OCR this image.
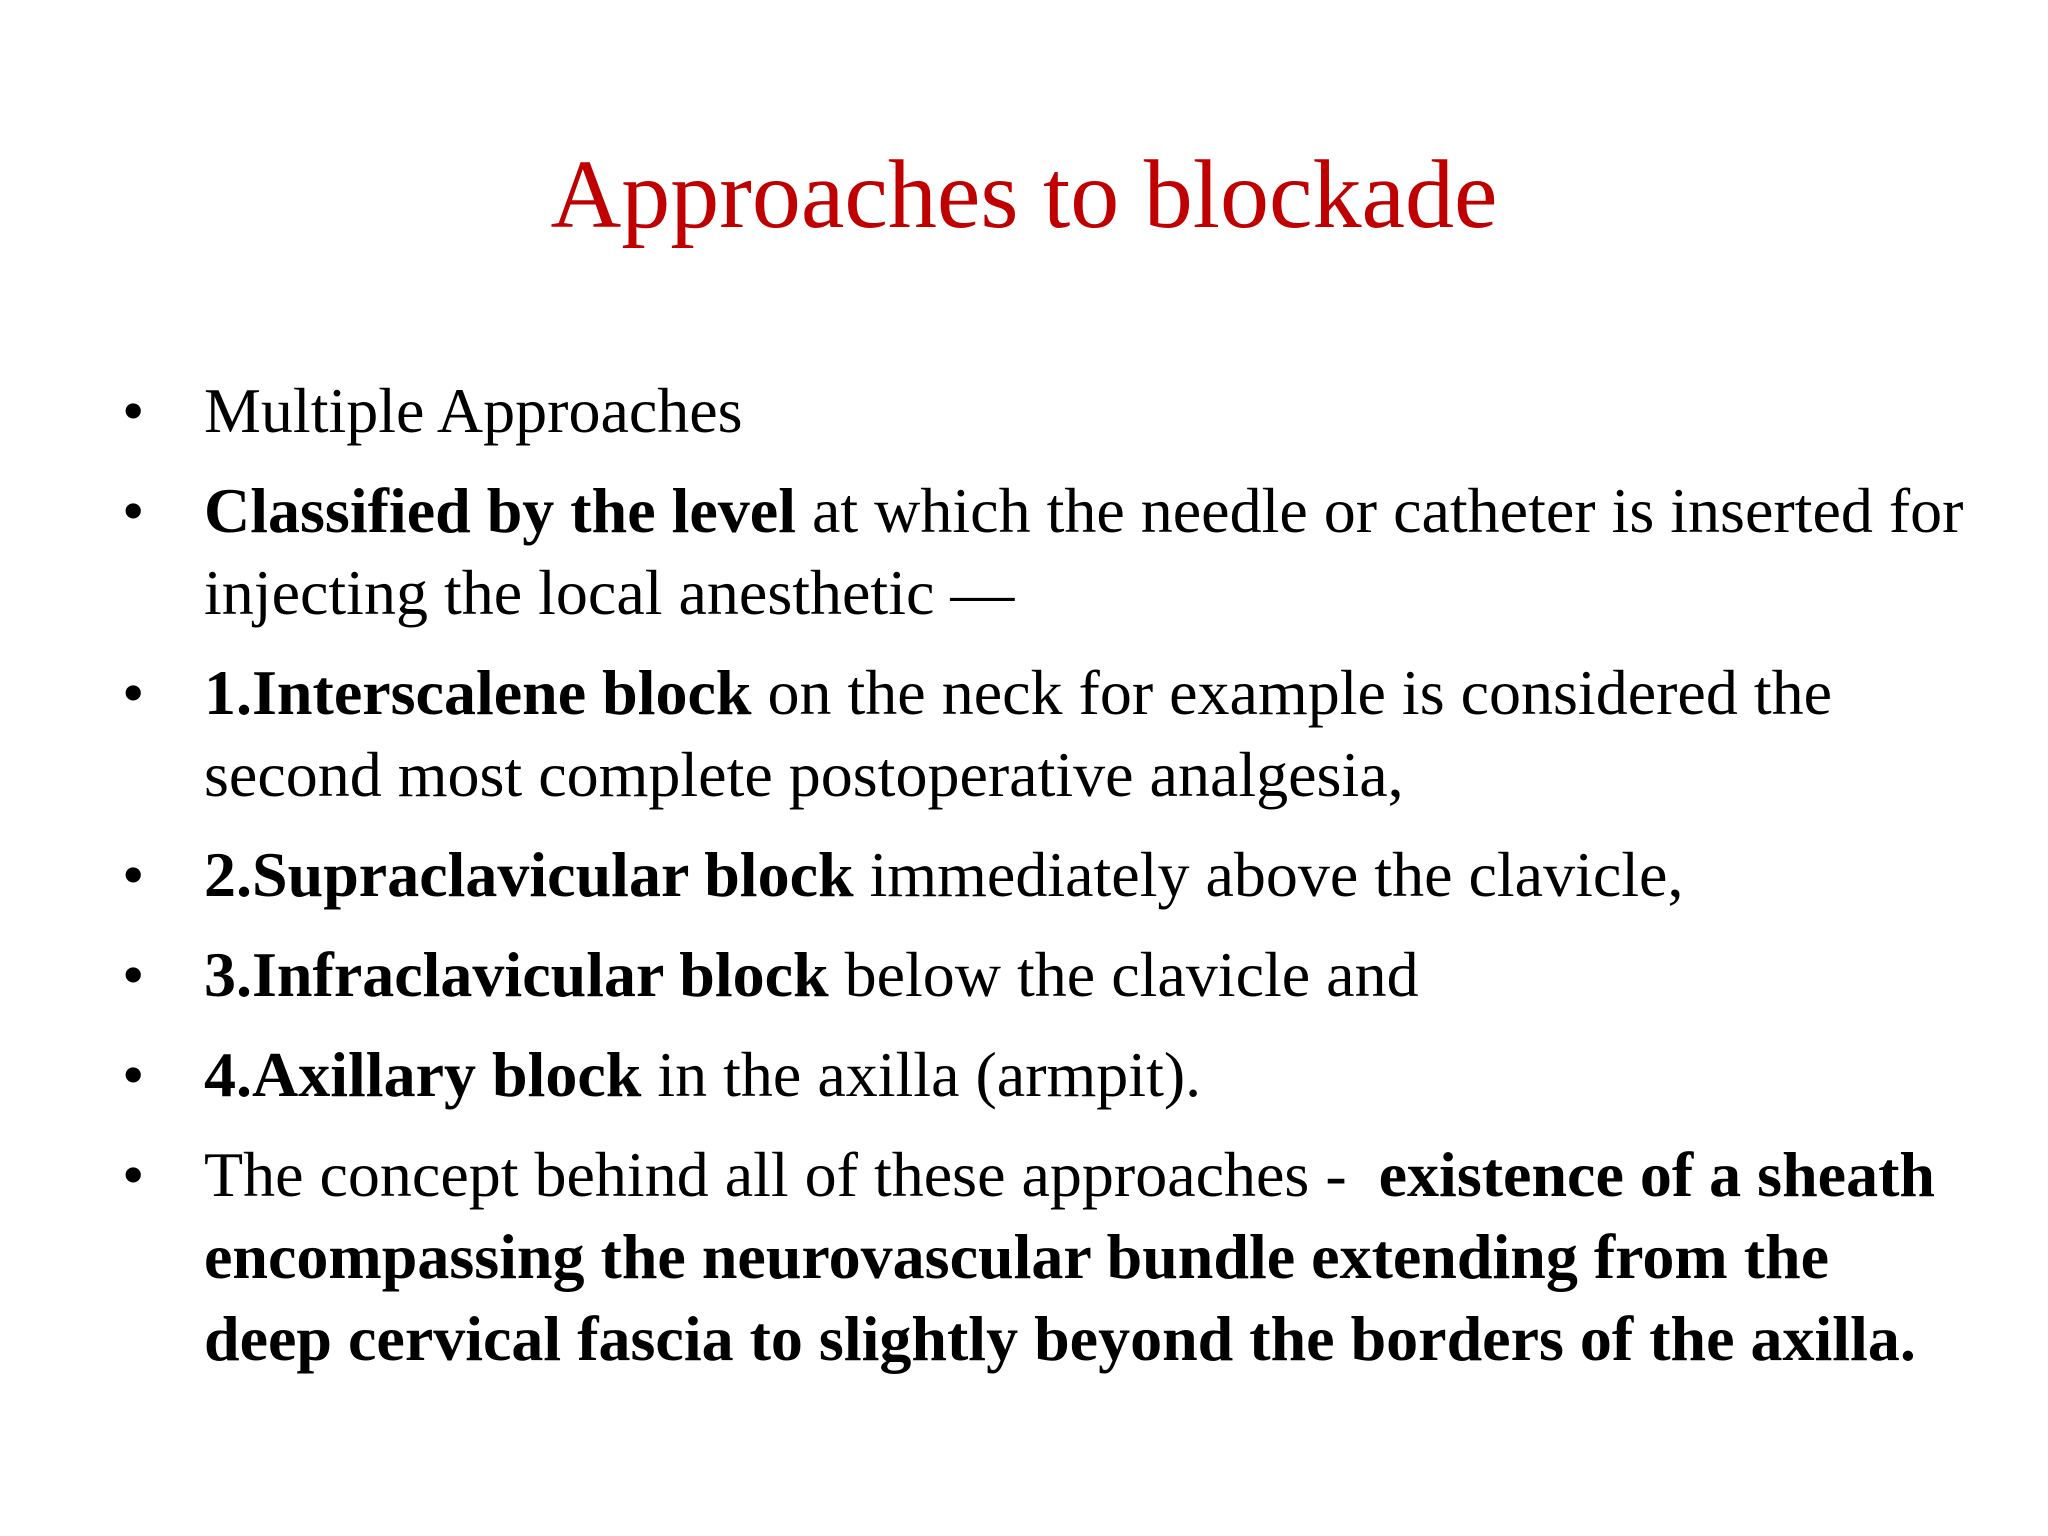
Approaches to blockade
• Multiple Approaches
• Classified by the level at which the needle or catheter is inserted for injecting the local anesthetic —
• 1.Interscalene block on the neck for example is considered the second most complete postoperative analgesia,
• 2.Supraclavicular block immediately above the clavicle,
• 3.Infraclavicular block below the clavicle and
• 4.Axillary block in the axilla (armpit).
• The concept behind all of these approaches -  existence of a sheath encompassing the neurovascular bundle extending from the deep cervical fascia to slightly beyond the borders of the axilla.
